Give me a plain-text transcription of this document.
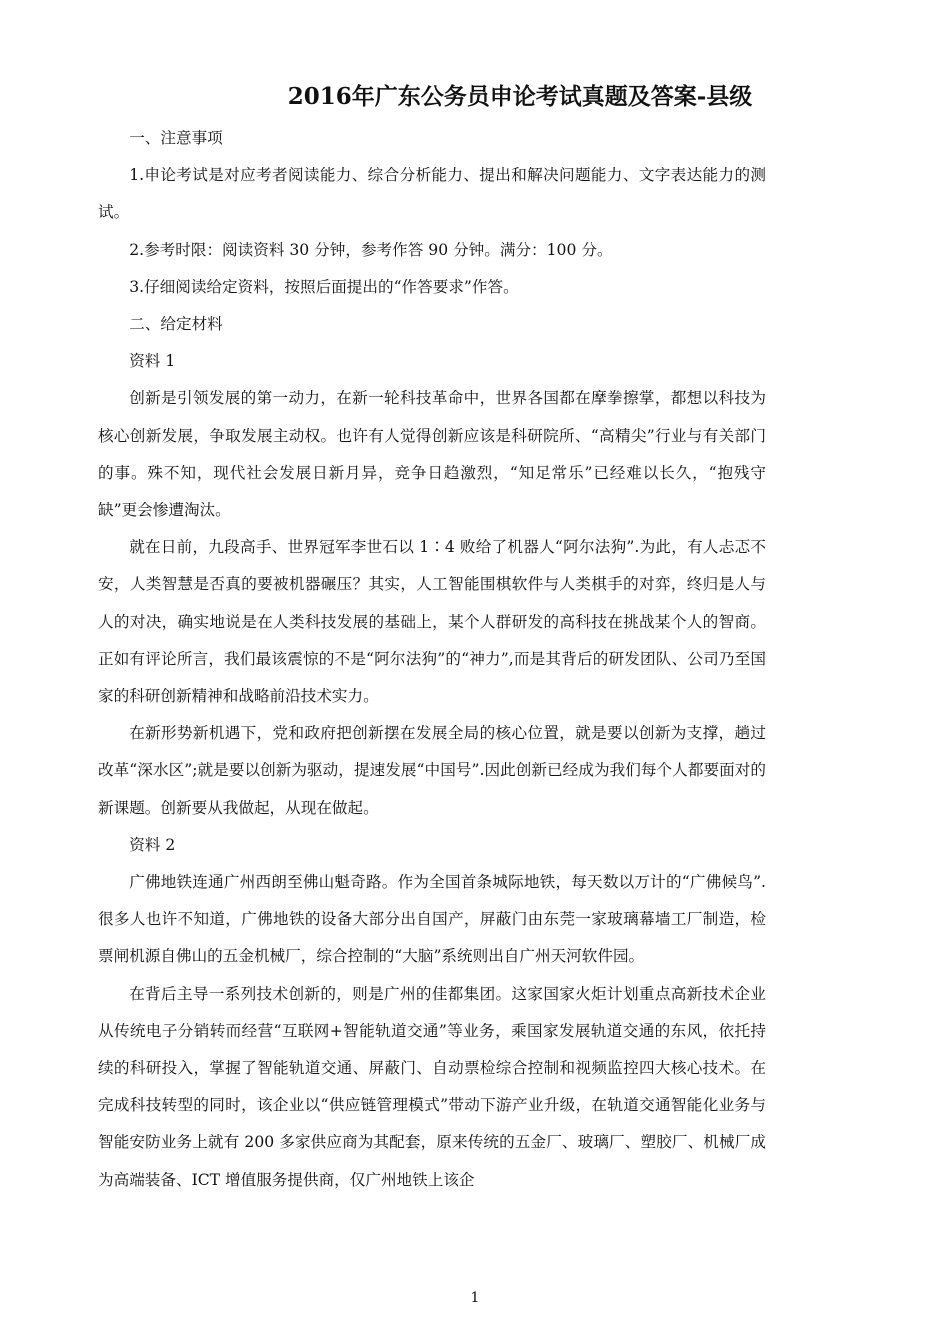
2016年广东公务员申论考试真题及答案-县级

一、注意事项

1.申论考试是对应考者阅读能力、综合分析能力、提出和解决问题能力、文字表达能力的测试。

2.参考时限：阅读资料 30 分钟，参考作答 90 分钟。满分：100 分。

3.仔细阅读给定资料，按照后面提出的“作答要求”作答。

二、给定材料

资料 1

创新是引领发展的第一动力，在新一轮科技革命中，世界各国都在摩拳擦掌，都想以科技为核心创新发展，争取发展主动权。也许有人觉得创新应该是科研院所、“高精尖”行业与有关部门的事。殊不知，现代社会发展日新月异，竞争日趋激烈，“知足常乐”已经难以长久，“抱残守缺”更会惨遭淘汰。

就在日前，九段高手、世界冠军李世石以 1∶4 败给了机器人“阿尔法狗”.为此，有人忐忑不安，人类智慧是否真的要被机器碾压？其实，人工智能围棋软件与人类棋手的对弈，终归是人与人的对决，确实地说是在人类科技发展的基础上，某个人群研发的高科技在挑战某个人的智商。正如有评论所言，我们最该震惊的不是“阿尔法狗”的“神力”,而是其背后的研发团队、公司乃至国家的科研创新精神和战略前沿技术实力。

在新形势新机遇下，党和政府把创新摆在发展全局的核心位置，就是要以创新为支撑，趟过改革“深水区”;就是要以创新为驱动，提速发展“中国号”.因此创新已经成为我们每个人都要面对的新课题。创新要从我做起，从现在做起。

资料 2

广佛地铁连通广州西朗至佛山魁奇路。作为全国首条城际地铁，每天数以万计的“广佛候鸟”.很多人也许不知道，广佛地铁的设备大部分出自国产，屏蔽门由东莞一家玻璃幕墙工厂制造，检票闸机源自佛山的五金机械厂，综合控制的“大脑”系统则出自广州天河软件园。

在背后主导一系列技术创新的，则是广州的佳都集团。这家国家火炬计划重点高新技术企业从传统电子分销转而经营“互联网+智能轨道交通”等业务，乘国家发展轨道交通的东风，依托持续的科研投入，掌握了智能轨道交通、屏蔽门、自动票检综合控制和视频监控四大核心技术。在完成科技转型的同时，该企业以“供应链管理模式”带动下游产业升级，在轨道交通智能化业务与智能安防业务上就有 200 多家供应商为其配套，原来传统的五金厂、玻璃厂、塑胶厂、机械厂成为高端装备、ICT 增值服务提供商，仅广州地铁上该企

1
